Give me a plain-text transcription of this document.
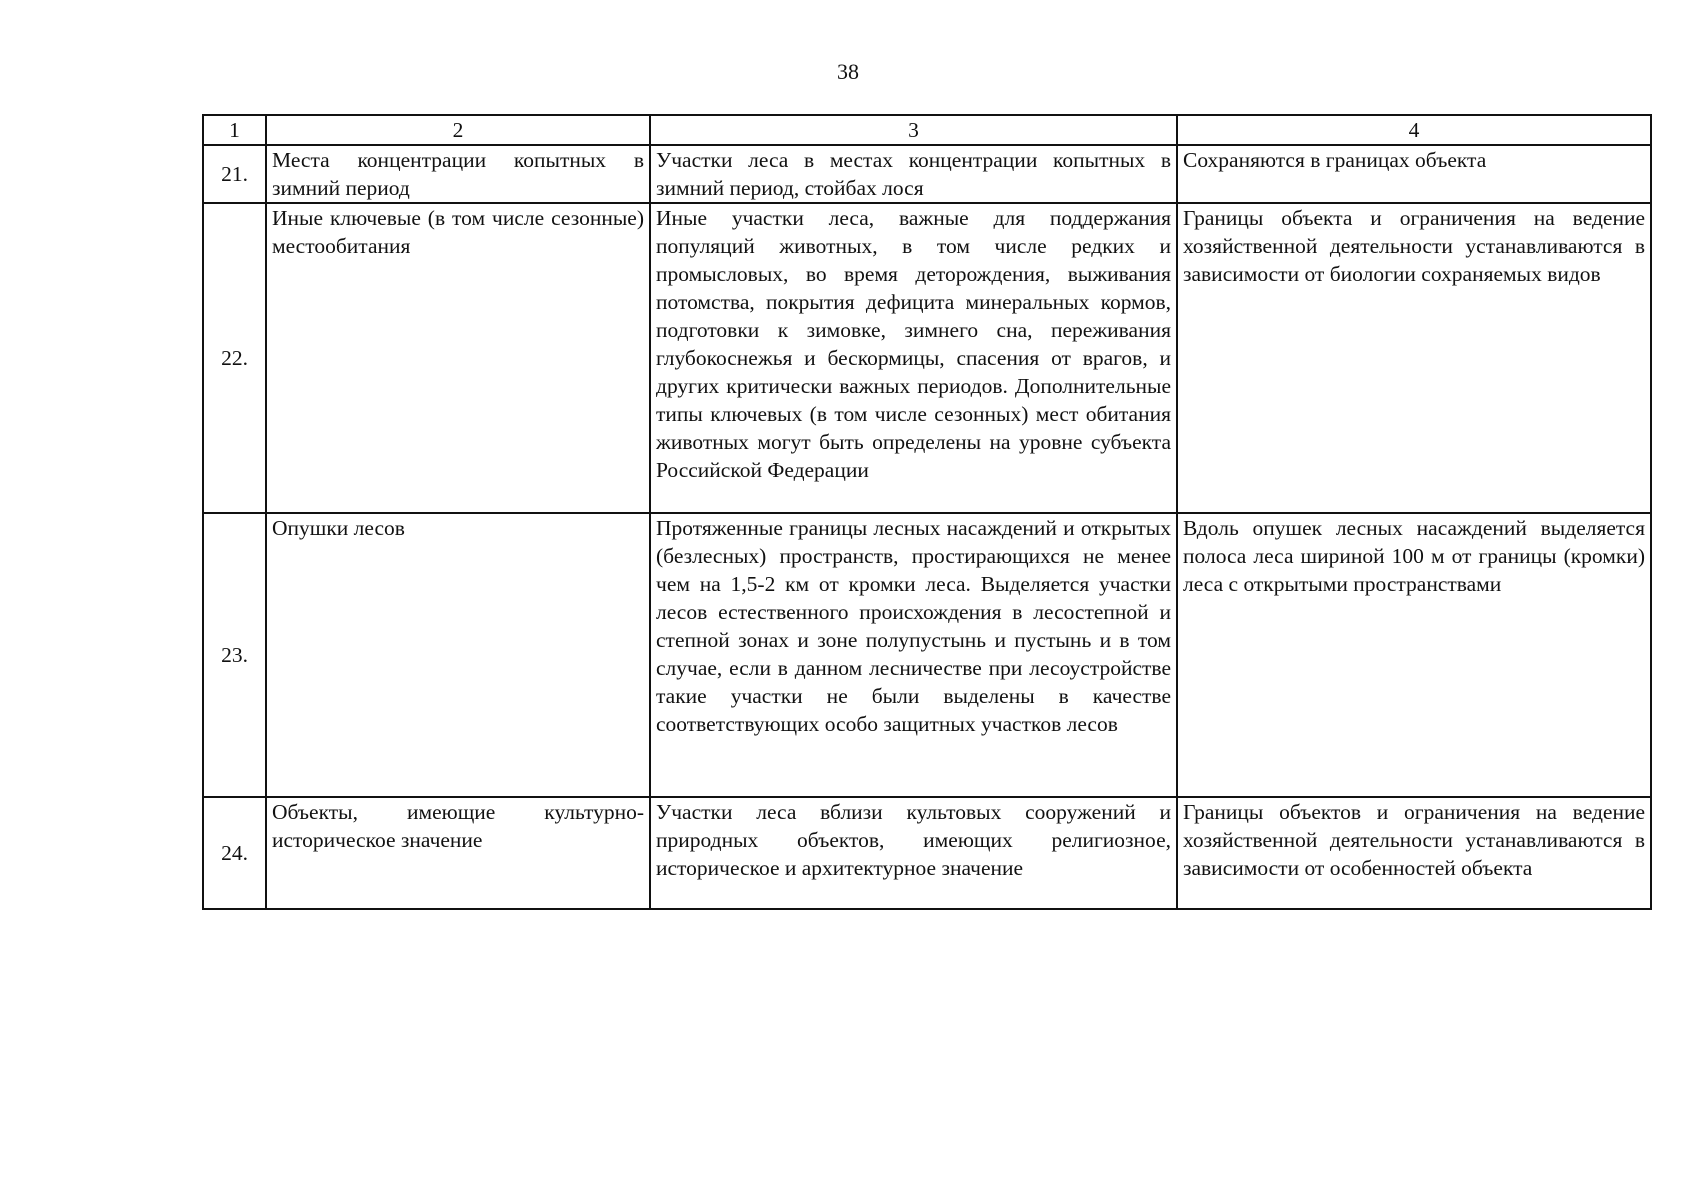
38
1	2	3	4
21.	Места концентрации копытных в зимний период	Участки леса в местах концентрации копытных в зимний период, стойбах лося	Сохраняются в границах объекта
22.	Иные ключевые (в том числе сезонные) местообитания	Иные участки леса, важные для поддержания популяций животных, в том числе редких и промысловых, во время деторождения, выживания потомства, покрытия дефицита минеральных кормов, подготовки к зимовке, зимнего сна, переживания глубокоснежья и бескормицы, спасения от врагов, и других критически важных периодов. Дополнительные типы ключевых (в том числе сезонных) мест обитания животных могут быть определены на уровне субъекта Российской Федерации	Границы объекта и ограничения на ведение хозяйственной деятельности устанавливаются в зависимости от биологии сохраняемых видов
23.	Опушки лесов	Протяженные границы лесных насаждений и открытых (безлесных) пространств, простирающихся не менее чем на 1,5-2 км от кромки леса. Выделяется участки лесов естественного происхождения в лесостепной и степной зонах и зоне полупустынь и пустынь и в том случае, если в данном лесничестве при лесоустройстве такие участки не были выделены в качестве соответствующих особо защитных участков лесов	Вдоль опушек лесных насаждений выделяется полоса леса шириной 100 м от границы (кромки) леса с открытыми пространствами
24.	Объекты, имеющие культурно-историческое значение	Участки леса вблизи культовых сооружений и природных объектов, имеющих религиозное, историческое и архитектурное значение	Границы объектов и ограничения на ведение хозяйственной деятельности устанавливаются в зависимости от особенностей объекта
